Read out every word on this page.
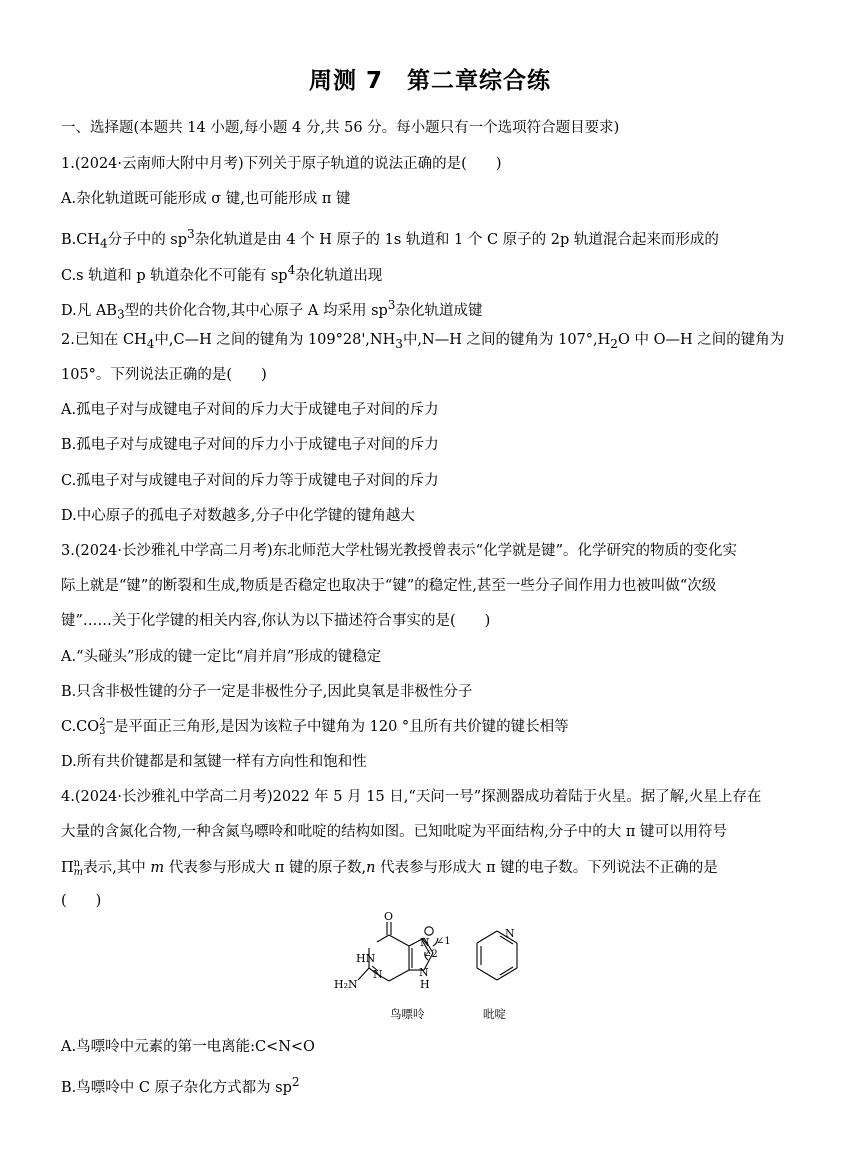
周测 7　第二章综合练
一、选择题(本题共 14 小题,每小题 4 分,共 56 分。每小题只有一个选项符合题目要求)
1.(2024·云南师大附中月考)下列关于原子轨道的说法正确的是(　　)
A.杂化轨道既可能形成 σ 键,也可能形成 π 键
$B.CH_4$分子中的 $sp^3$杂化轨道是由 4 个 H 原子的 1s 轨道和 1 个 C 原子的 2p 轨道混合起来而形成的
C.s 轨道和 p 轨道杂化不可能有 $sp^4$杂化轨道出现
D.凡 $AB_3$型的共价化合物,其中心原子 A 均采用 $sp^3$杂化轨道成键
2.已知在 $CH_4$中,C—H 之间的键角为 $109^\circ 28',NH_3$中,N—H 之间的键角为 $107^\circ,H_2O$ 中 O—H 之间的键角为
105°。下列说法正确的是(　　)
A.孤电子对与成键电子对间的斥力大于成键电子对间的斥力
B.孤电子对与成键电子对间的斥力小于成键电子对间的斥力
C.孤电子对与成键电子对间的斥力等于成键电子对间的斥力
D.中心原子的孤电子对数越多,分子中化学键的键角越大
3.(2024·长沙雅礼中学高二月考)东北师范大学杜锡光教授曾表示“化学就是键”。化学研究的物质的变化实
际上就是“键”的断裂和生成,物质是否稳定也取决于“键”的稳定性,甚至一些分子间作用力也被叫做“次级
键”……关于化学键的相关内容,你认为以下描述符合事实的是(　　)
A.“头碰头”形成的键一定比“肩并肩”形成的键稳定
B.只含非极性键的分子一定是非极性分子,因此臭氧是非极性分子
C.CO 2−
3 是平面正三角形,是因为该粒子中键角为 120 °且所有共价键的键长相等
D.所有共价键都是和氢键一样有方向性和饱和性
4.(2024·长沙雅礼中学高二月考)2022 年 5 月 15 日,“天问一号”探测器成功着陆于火星。据了解,火星上存在
大量的含氮化合物,一种含氮鸟嘌呤和吡啶的结构如图。已知吡啶为平面结构,分子中的大 π 键可以用符号
Π n
m 表示,其中 m 代表参与形成大 π 键的原子数,n 代表参与形成大 π 键的电子数。下列说法不正确的是
(　　)
O
HN
N
H₂N
N
N
H
∠1
∠2
N
鸟嘌呤	吡啶
A.鸟嘌呤中元素的第一电离能:C<N<O
B.鸟嘌呤中 C 原子杂化方式都为 $sp^2$
